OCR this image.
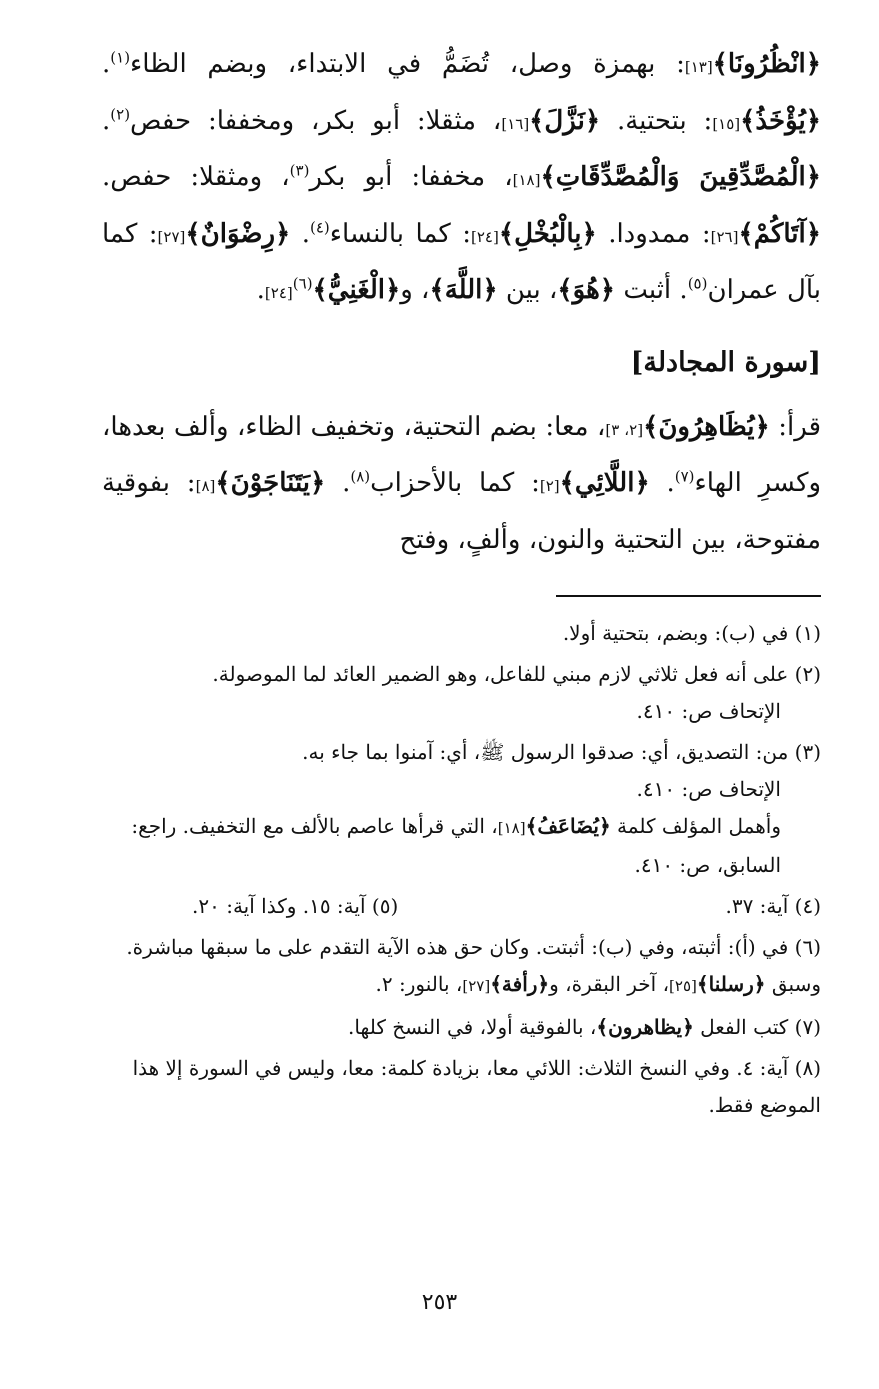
﴿انْظُرُونَا﴾[١٣]: بهمزة وصل، تُضَمُّ في الابتداء، وبضم الظاء$^{(١)}$. ﴿يُؤْخَذُ﴾[١٥]: بتحتية. ﴿نَزَّلَ﴾[١٦]، مثقلا: أبو بكر، ومخففا: حفص$^{(٢)}$. ﴿الْمُصَّدِّقِينَ وَالْمُصَّدِّقَاتِ﴾[١٨]، مخففا: أبو بكر$^{(٣)}$، ومثقلا: حفص. ﴿آتَاكُمْ﴾[٢٦]: ممدودا. ﴿بِالْبُخْلِ﴾[٢٤]: كما بالنساء$^{(٤)}$. ﴿رِضْوَانٌ﴾[٢٧]: كما بآل عمران$^{(٥)}$. أثبت ﴿هُوَ﴾، بين ﴿اللَّهَ﴾، و﴿الْغَنِيُّ﴾$^{(٦)}$[٢٤].

[سورة المجادلة]

قرأ: ﴿يُظَاهِرُونَ﴾[٢، ٣]، معا: بضم التحتية، وتخفيف الظاء، وألف بعدها، وكسرِ الهاء$^{(٧)}$. ﴿اللَّائِي﴾[٢]: كما بالأحزاب$^{(٨)}$. ﴿يَتَنَاجَوْنَ﴾[٨]: بفوقية مفتوحة، بين التحتية والنون، وألفٍ، وفتح

(١) في (ب): وبضم، بتحتية أولا.
(٢) على أنه فعل ثلاثي لازم مبني للفاعل، وهو الضمير العائد لما الموصولة.
الإتحاف ص: ٤١٠.
(٣) من: التصديق، أي: صدقوا الرسول ﷺ، أي: آمنوا بما جاء به.
الإتحاف ص: ٤١٠.
وأهمل المؤلف كلمة ﴿يُضَاعَفُ﴾[١٨]، التي قرأها عاصم بالألف مع التخفيف. راجع: السابق، ص: ٤١٠.
(٤) آية: ٣٧.
(٥) آية: ١٥. وكذا آية: ٢٠.
(٦) في (أ): أثبته، وفي (ب): أثبتت. وكان حق هذه الآية التقدم على ما سبقها مباشرة. وسبق ﴿رسلنا﴾[٢٥]، آخر البقرة، و﴿رأفة﴾[٢٧]، بالنور: ٢.
(٧) كتب الفعل ﴿يظاهرون﴾، بالفوقية أولا، في النسخ كلها.
(٨) آية: ٤. وفي النسخ الثلاث: اللائي معا، بزيادة كلمة: معا، وليس في السورة إلا هذا الموضع فقط.
٢٥٣
